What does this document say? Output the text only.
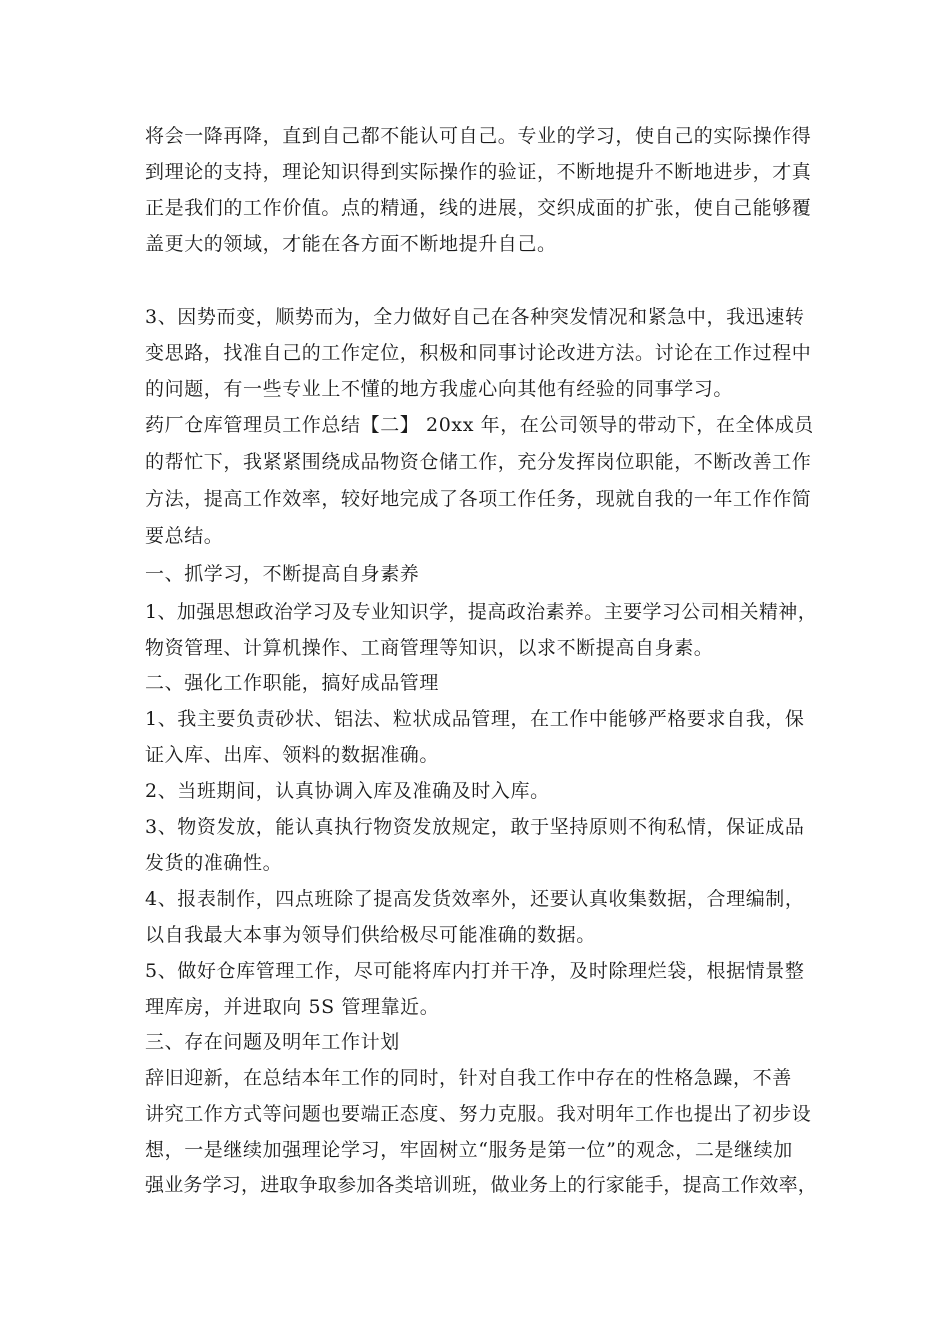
将会一降再降，直到自己都不能认可自己。专业的学习，使自己的实际操作得
到理论的支持，理论知识得到实际操作的验证，不断地提升不断地进步，才真
正是我们的工作价值。点的精通，线的进展，交织成面的扩张，使自己能够覆
盖更大的领域，才能在各方面不断地提升自己。
3、因势而变，顺势而为，全力做好自己在各种突发情况和紧急中，我迅速转
变思路，找准自己的工作定位，积极和同事讨论改进方法。讨论在工作过程中
的问题，有一些专业上不懂的地方我虚心向其他有经验的同事学习。
药厂仓库管理员工作总结【二】 20xx 年，在公司领导的带动下，在全体成员
的帮忙下，我紧紧围绕成品物资仓储工作，充分发挥岗位职能，不断改善工作
方法，提高工作效率，较好地完成了各项工作任务，现就自我的一年工作作简
要总结。
一、抓学习，不断提高自身素养
1、加强思想政治学习及专业知识学，提高政治素养。主要学习公司相关精神，
物资管理、计算机操作、工商管理等知识，以求不断提高自身素。
二、强化工作职能，搞好成品管理
1、我主要负责砂状、铝法、粒状成品管理，在工作中能够严格要求自我，保
证入库、出库、领料的数据准确。
2、当班期间，认真协调入库及准确及时入库。
3、物资发放，能认真执行物资发放规定，敢于坚持原则不徇私情，保证成品
发货的准确性。
4、报表制作，四点班除了提高发货效率外，还要认真收集数据，合理编制，
以自我最大本事为领导们供给极尽可能准确的数据。
5、做好仓库管理工作，尽可能将库内打并干净，及时除理烂袋，根据情景整
理库房，并进取向 5S 管理靠近。
三、存在问题及明年工作计划
辞旧迎新，在总结本年工作的同时，针对自我工作中存在的性格急躁，不善
讲究工作方式等问题也要端正态度、努力克服。我对明年工作也提出了初步设
想，一是继续加强理论学习，牢固树立“服务是第一位”的观念，二是继续加
强业务学习，进取争取参加各类培训班，做业务上的行家能手，提高工作效率，
